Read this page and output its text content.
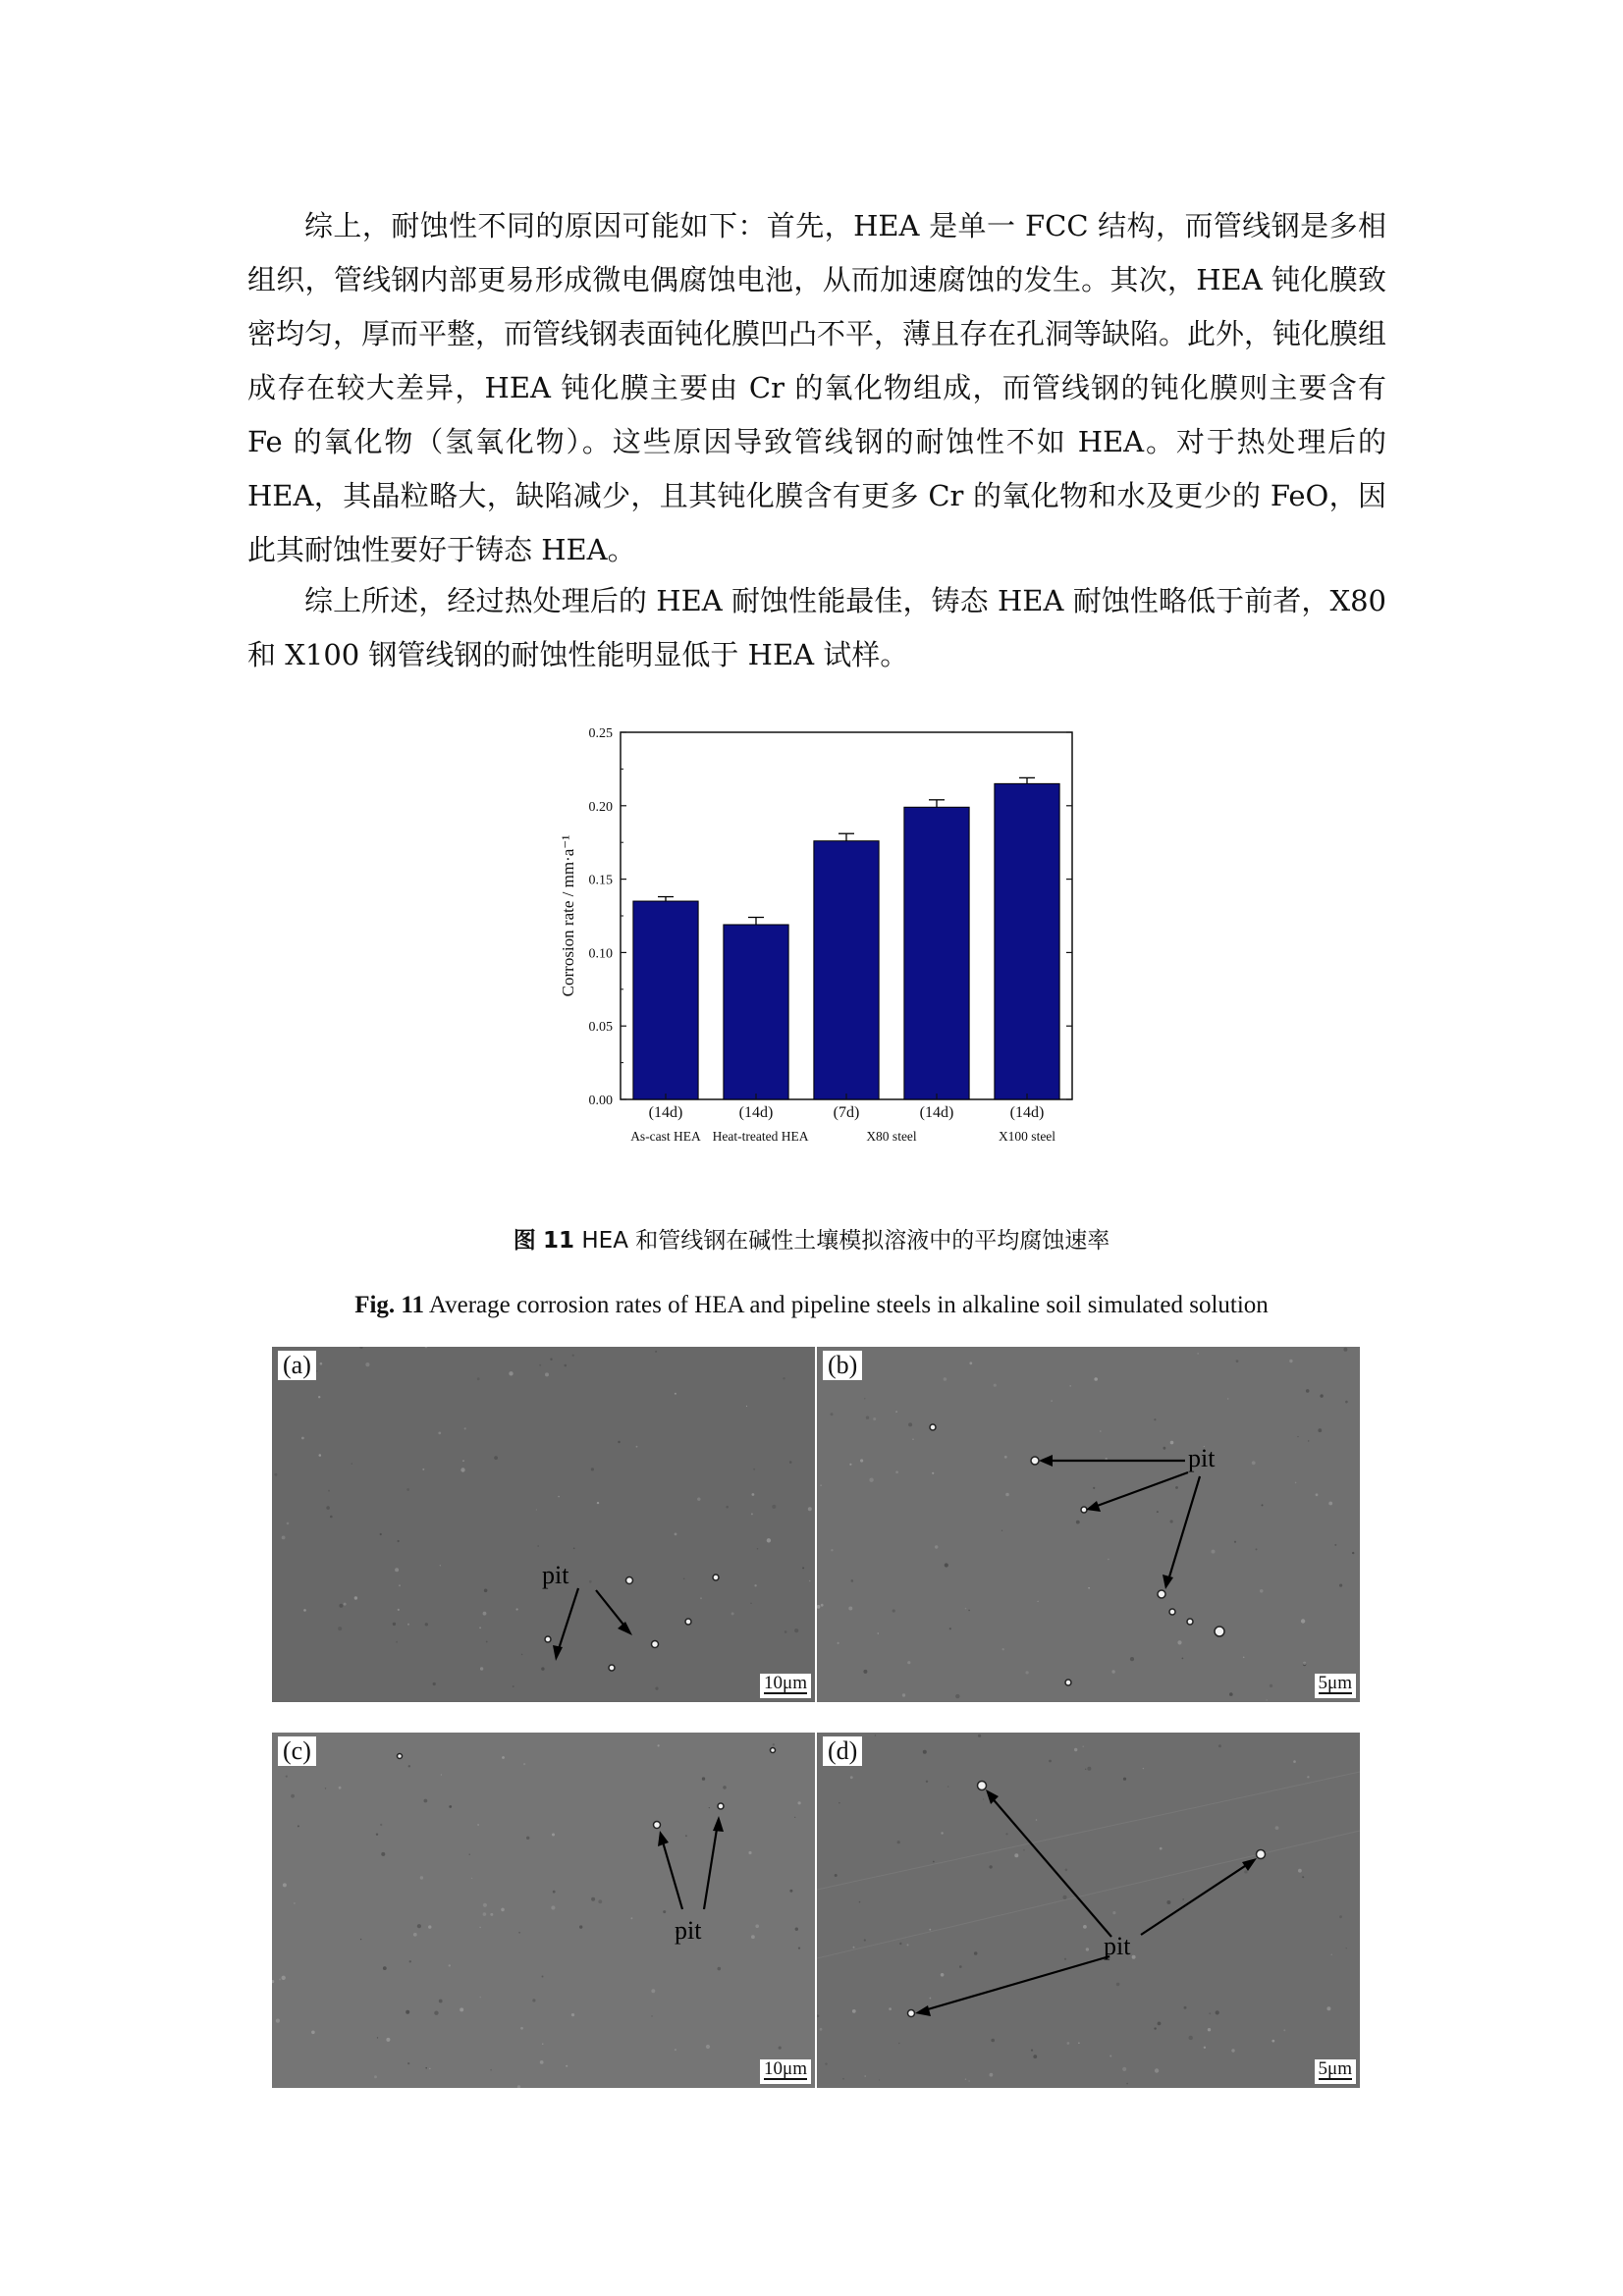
综上，耐蚀性不同的原因可能如下：首先，HEA 是单一 FCC 结构，而管线钢是多相组织，管线钢内部更易形成微电偶腐蚀电池，从而加速腐蚀的发生。其次，HEA 钝化膜致密均匀，厚而平整，而管线钢表面钝化膜凹凸不平，薄且存在孔洞等缺陷。此外，钝化膜组成存在较大差异，HEA 钝化膜主要由 Cr 的氧化物组成，而管线钢的钝化膜则主要含有 Fe 的氧化物（氢氧化物）。这些原因导致管线钢的耐蚀性不如 HEA。对于热处理后的 HEA，其晶粒略大，缺陷减少，且其钝化膜含有更多 Cr 的氧化物和水及更少的 FeO，因此其耐蚀性要好于铸态 HEA。

综上所述，经过热处理后的 HEA 耐蚀性能最佳，铸态 HEA 耐蚀性略低于前者，X80 和 X100 钢管线钢的耐蚀性能明显低于 HEA 试样。

0.00
0.05
0.10
0.15
0.20
0.25
(14d)	(14d)	(7d)	(14d)	(14d)
As-cast HEA Heat-treated HEA	X80 steel	X100 steel
Corrosion rate / mm·a⁻¹

图 11 HEA 和管线钢在碱性土壤模拟溶液中的平均腐蚀速率

Fig. 11 Average corrosion rates of HEA and pipeline steels in alkaline soil simulated solution

pit
(a)
10μm
pit
(b)
5μm
pit
(c)
10μm
pit
(d)
5μm
